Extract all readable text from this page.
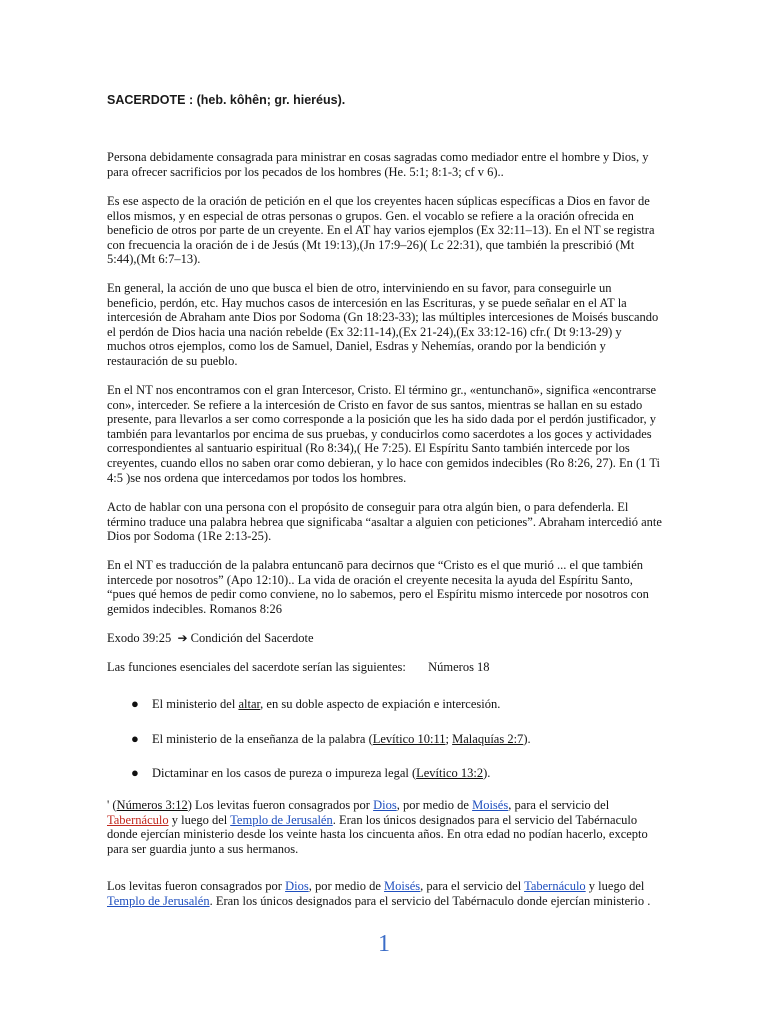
SACERDOTE : (heb. kôhên; gr. hieréus).

Persona debidamente consagrada para ministrar en cosas sagradas como mediador entre el hombre y Dios, y para ofrecer sacrificios por los pecados de los hombres (He. 5:1; 8:1-3; cf v 6)..

Es ese aspecto de la oración de petición en el que los creyentes hacen súplicas específicas a Dios en favor de ellos mismos, y en especial de otras personas o grupos. Gen. el vocablo se refiere a la oración ofrecida en beneficio de otros por parte de un creyente. En el AT hay varios ejemplos (Ex 32:11–13). En el NT se registra con frecuencia la oración de i de Jesús (Mt 19:13),(Jn 17:9–26)( Lc 22:31), que también la prescribió (Mt 5:44),(Mt 6:7–13).

En general, la acción de uno que busca el bien de otro, interviniendo en su favor, para conseguirle un beneficio, perdón, etc. Hay muchos casos de intercesión en las Escrituras, y se puede señalar en el AT la intercesión de Abraham ante Dios por Sodoma (Gn 18:23-33); las múltiples intercesiones de Moisés buscando el perdón de Dios hacia una nación rebelde (Ex 32:11-14),(Ex 21-24),(Ex 33:12-16) cfr.( Dt 9:13-29) y muchos otros ejemplos, como los de Samuel, Daniel, Esdras y Nehemías, orando por la bendición y restauración de su pueblo.

En el NT nos encontramos con el gran Intercesor, Cristo. El término gr., «entunchanō», significa «encontrarse con», interceder. Se refiere a la intercesión de Cristo en favor de sus santos, mientras se hallan en su estado presente, para llevarlos a ser como corresponde a la posición que les ha sido dada por el perdón justificador, y también para levantarlos por encima de sus pruebas, y conducirlos como sacerdotes a los goces y actividades correspondientes al santuario espiritual (Ro 8:34),( He 7:25). El Espíritu Santo también intercede por los creyentes, cuando ellos no saben orar como debieran, y lo hace con gemidos indecibles (Ro 8:26, 27). En (1 Ti 4:5 )se nos ordena que intercedamos por todos los hombres.

Acto de hablar con una persona con el propósito de conseguir para otra algún bien, o para defenderla. El término traduce una palabra hebrea que significaba “asaltar a alguien con peticiones”. Abraham intercedió ante Dios por Sodoma (1Re 2:13-25).

En el NT es traducción de la palabra entuncanō para decirnos que “Cristo es el que murió ... el que también intercede por nosotros” (Apo 12:10).. La vida de oración el creyente necesita la ayuda del Espíritu Santo, “pues qué hemos de pedir como conviene, no lo sabemos, pero el Espíritu mismo intercede por nosotros con gemidos indecibles. Romanos 8:26

Exodo 39:25 ➔ Condición del Sacerdote

Las funciones esenciales del sacerdote serían las siguientes: Números 18

● El ministerio del altar, en su doble aspecto de expiación e intercesión.
● El ministerio de la enseñanza de la palabra (Levítico 10:11; Malaquías 2:7).
● Dictaminar en los casos de pureza o impureza legal (Levítico 13:2).

' (Números 3:12) Los levitas fueron consagrados por Dios, por medio de Moisés, para el servicio del Tabernáculo y luego del Templo de Jerusalén. Eran los únicos designados para el servicio del Tabérnaculo donde ejercían ministerio desde los veinte hasta los cincuenta años. En otra edad no podían hacerlo, excepto para ser guardia junto a sus hermanos.

Los levitas fueron consagrados por Dios, por medio de Moisés, para el servicio del Tabernáculo y luego del Templo de Jerusalén. Eran los únicos designados para el servicio del Tabérnaculo donde ejercían ministerio .

1
